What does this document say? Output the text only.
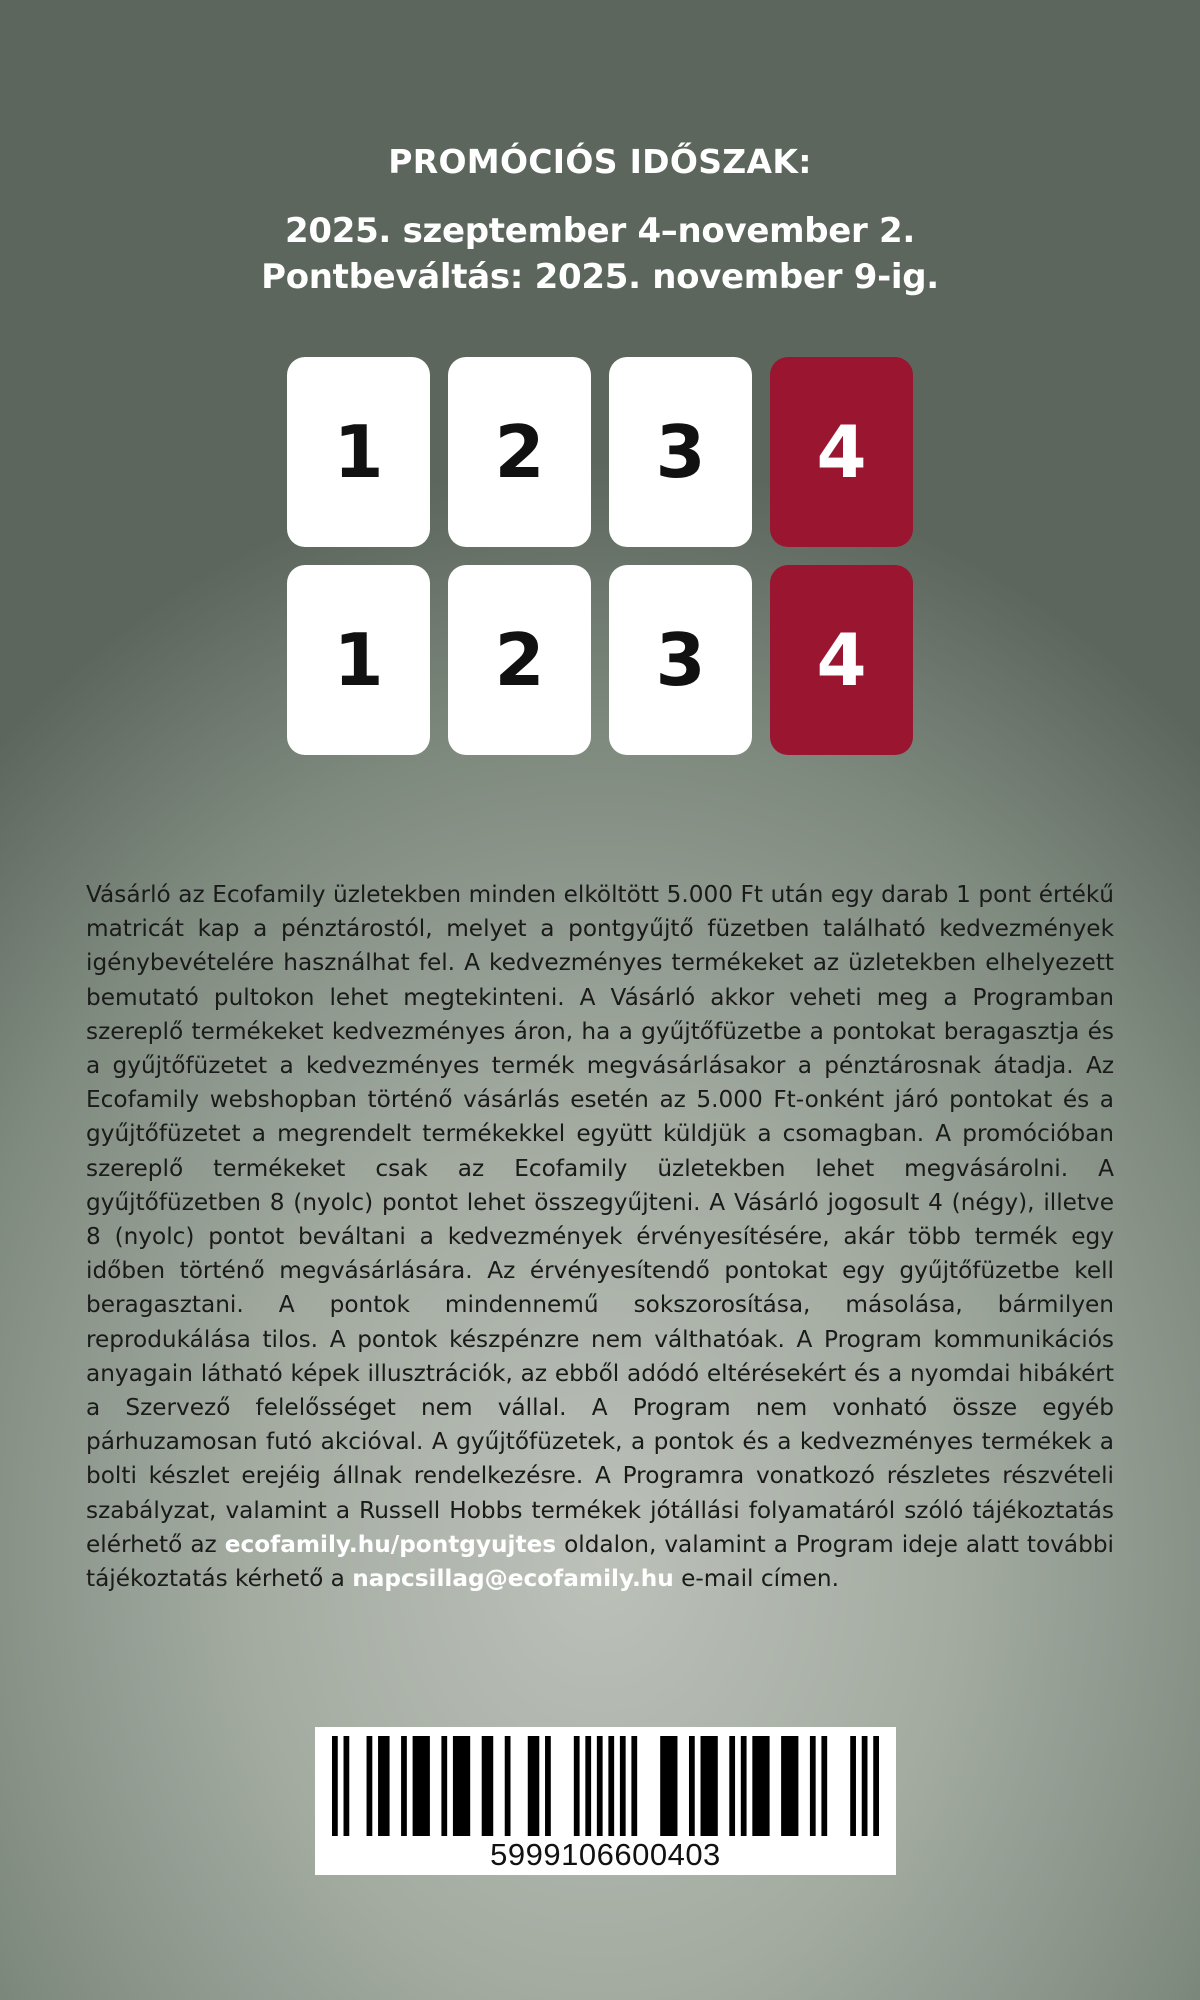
PROMÓCIÓS IDŐSZAK:
2025. szeptember 4–november 2.
Pontbeváltás: 2025. november 9-ig.
1	2	3	4
1	2	3	4
Vásárló az Ecofamily üzletekben minden elköltött 5.000 Ft után egy darab 1 pont értékű matricát kap a pénztárostól, melyet a pontgyűjtő füzetben található kedvezmények igénybevételére használhat fel. A kedvezményes termékeket az üzletekben elhelyezett bemutató pultokon lehet megtekinteni. A Vásárló akkor veheti meg a Programban szereplő termékeket kedvezményes áron, ha a gyűjtőfüzetbe a pontokat beragasztja és a gyűjtőfüzetet a kedvezményes termék megvásárlásakor a pénztárosnak átadja. Az Ecofamily webshopban történő vásárlás esetén az 5.000 Ft-onként járó pontokat és a gyűjtőfüzetet a megrendelt termékekkel együtt küldjük a csomagban. A promócióban szereplő termékeket csak az Ecofamily üzletekben lehet megvásárolni. A gyűjtőfüzetben 8 (nyolc) pontot lehet összegyűjteni. A Vásárló jogosult 4 (négy), illetve 8 (nyolc) pontot beváltani a kedvezmények érvényesítésére, akár több termék egy időben történő megvásárlására. Az érvényesítendő pontokat egy gyűjtőfüzetbe kell beragasztani. A pontok mindennemű sokszorosítása, másolása, bármilyen reprodukálása tilos. A pontok készpénzre nem válthatóak. A Program kommunikációs anyagain látható képek illusztrációk, az ebből adódó eltérésekért és a nyomdai hibákért a Szervező felelősséget nem vállal. A Program nem vonható össze egyéb párhuzamosan futó akcióval. A gyűjtőfüzetek, a pontok és a kedvezményes termékek a bolti készlet erejéig állnak rendelkezésre. A Programra vonatkozó részletes részvételi szabályzat, valamint a Russell Hobbs termékek jótállási folyamatáról szóló tájékoztatás elérhető az ecofamily.hu/pontgyujtes oldalon, valamint a Program ideje alatt további tájékoztatás kérhető a napcsillag@ecofamily.hu e-mail címen.
5999106600403
